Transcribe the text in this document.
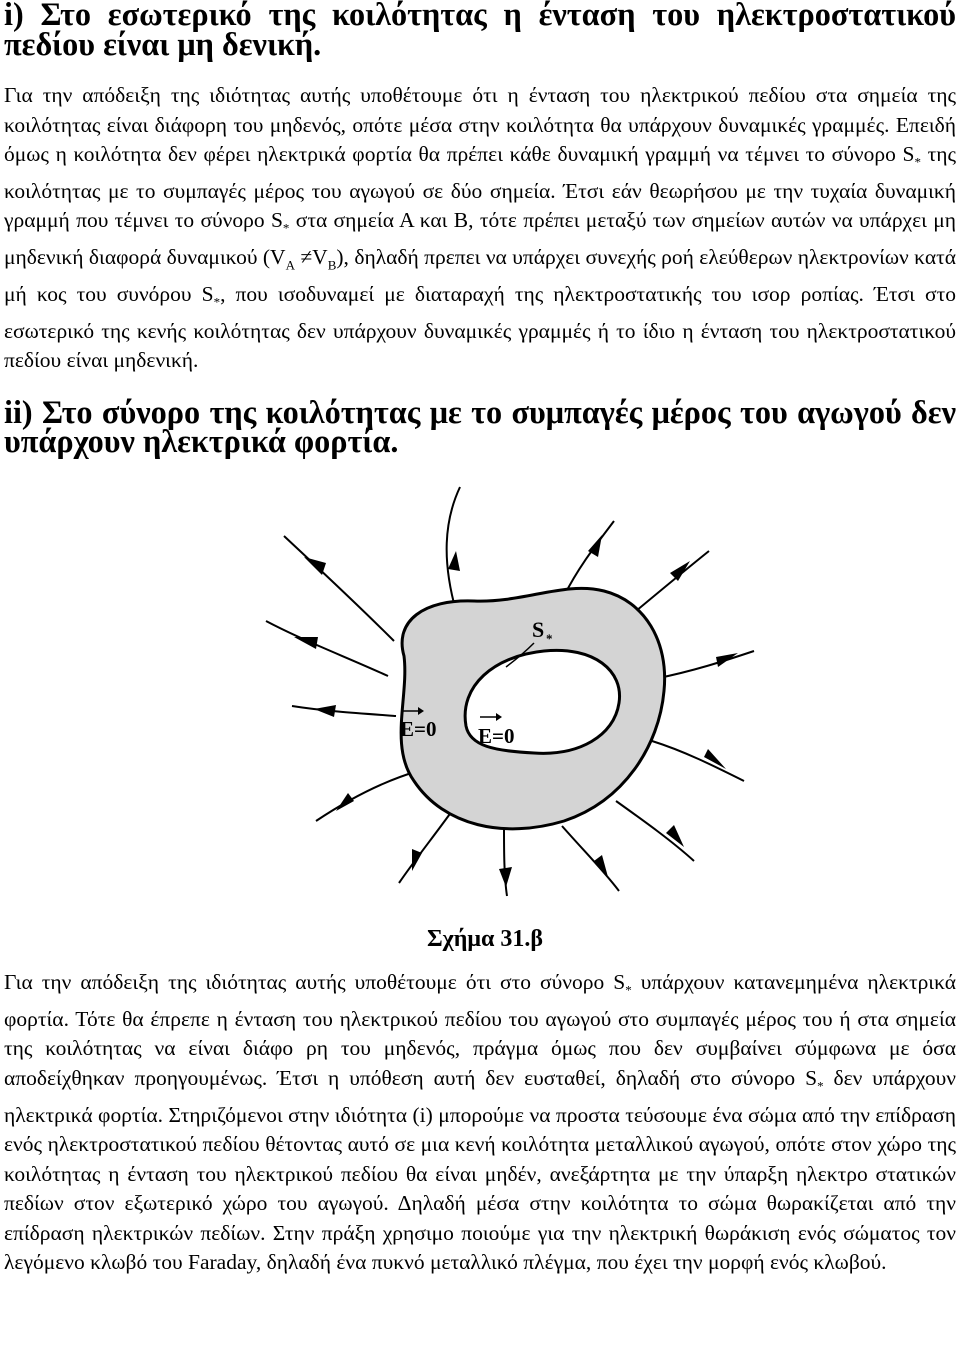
i) Στο εσωτερικό της κοιλότητας η ένταση του ηλεκτροστατικού πεδίου είναι μη δενική.

Για την απόδειξη της ιδιότητας αυτής υποθέτουμε ότι η ένταση του ηλεκτρικού πεδίου στα σημεία της κοιλότητας είναι διάφορη του μηδενός, οπότε μέσα στην κοιλότητα θα υπάρχουν δυναμικές γραμμές. Επειδή όμως η κοιλότητα δεν φέρει ηλεκτρικά φορτία θα πρέπει κάθε δυναμική γραμμή να τέμνει το σύνορο $S_*$ της κοιλότητας με το συμπαγές μέρος του αγωγού σε δύο σημεία. Έτσι εάν θεωρήσου με την τυχαία δυναμική γραμμή που τέμνει το σύνορο $S_*$ στα σημεία Α και Β, τότε πρέπει μεταξύ των σημείων αυτών να υπάρχει μη μηδενική διαφορά δυναμικού $(V_A \ne V_B)$, δηλαδή πρεπει να υπάρχει συνεχής ροή ελεύθερων ηλεκτρονίων κατά μή κος του συνόρου $S_*$, που ισοδυναμεί με διαταραχή της ηλεκτροστατικής του ισορ ροπίας. Έτσι στο εσωτερικό της κενής κοιλότητας δεν υπάρχουν δυναμικές γραμμές ή το ίδιο η ένταση του ηλεκτροστατικού πεδίου είναι μηδενική.

ii) Στο σύνορο της κοιλότητας με το συμπαγές μέρος του αγωγού δεν υπάρχουν ηλεκτρικά φορτία.
S *
E=0 E=0
Σχήμα 31.β

Για την απόδειξη της ιδιότητας αυτής υποθέτουμε ότι στο σύνορο $S_*$ υπάρχουν κατανεμημένα ηλεκτρικά φορτία. Τότε θα έπρεπε η ένταση του ηλεκτρικού πεδίου του αγωγού στο συμπαγές μέρος του ή στα σημεία της κοιλότητας να είναι διάφο ρη του μηδενός, πράγμα όμως που δεν συμβαίνει σύμφωνα με όσα αποδείχθηκαν προηγουμένως. Έτσι η υπόθεση αυτή δεν ευσταθεί, δηλαδή στο σύνορο $S_*$ δεν υπάρχουν ηλεκτρικά φορτία. Στηριζόμενοι στην ιδιότητα (i) μπορούμε να προστα τεύσουμε ένα σώμα από την επίδραση ενός ηλεκτροστατικού πεδίου θέτοντας αυτό σε μια κενή κοιλότητα μεταλλικού αγωγού, οπότε στον χώρο της κοιλότητας η ένταση του ηλεκτρικού πεδίου θα είναι μηδέν, ανεξάρτητα με την ύπαρξη ηλεκτρο στατικών πεδίων στον εξωτερικό χώρο του αγωγού. Δηλαδή μέσα στην κοιλότητα το σώμα θωρακίζεται από την επίδραση ηλεκτρικών πεδίων. Στην πράξη χρησιμο ποιούμε για την ηλεκτρική θωράκιση ενός σώματος τον λεγόμενο κλωβό του Faraday, δηλαδή ένα πυκνό μεταλλικό πλέγμα, που έχει την μορφή ενός κλωβού.
